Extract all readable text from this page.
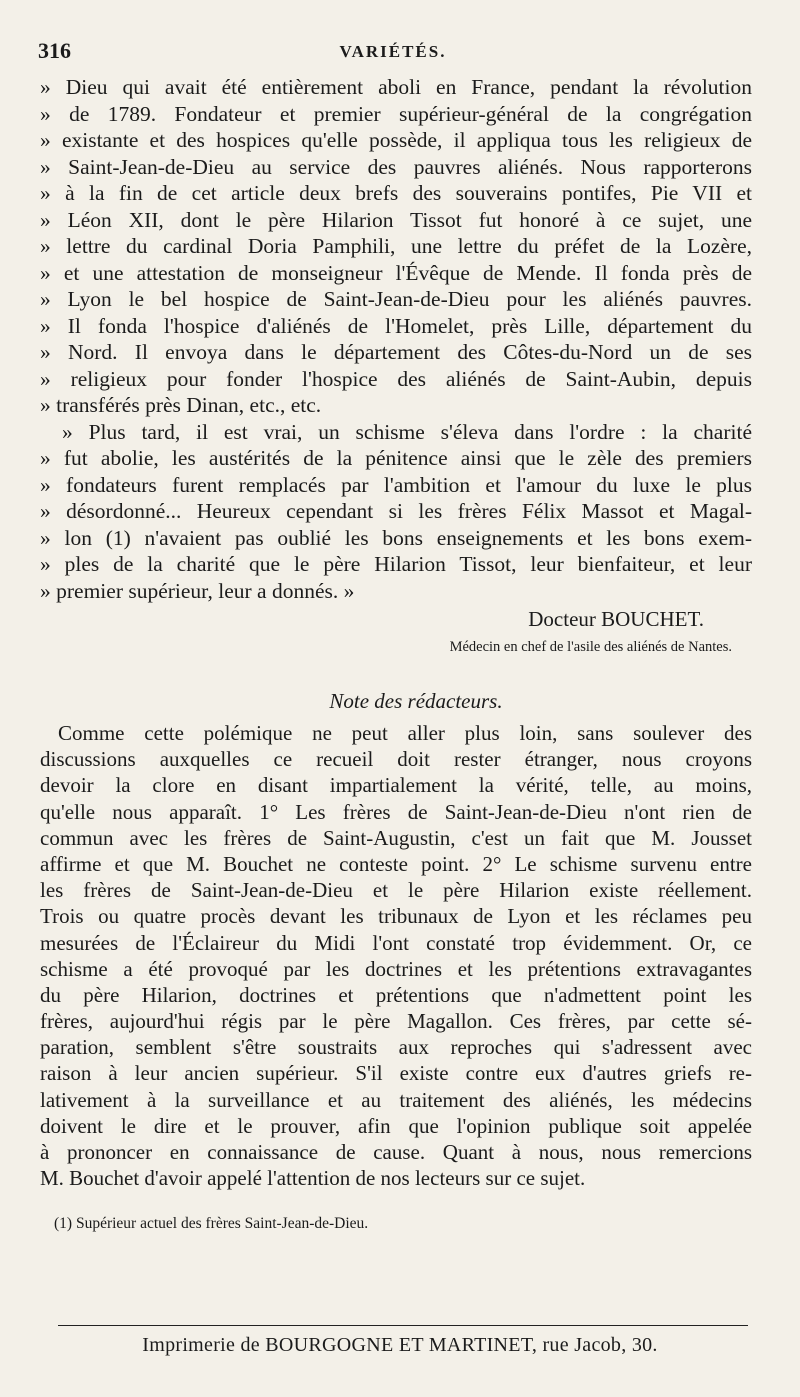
316	VARIÉTÉS.
» Dieu qui avait été entièrement aboli en France, pendant la révolution
» de 1789. Fondateur et premier supérieur-général de la congrégation
» existante et des hospices qu'elle possède, il appliqua tous les religieux de
» Saint-Jean-de-Dieu au service des pauvres aliénés. Nous rapporterons
» à la fin de cet article deux brefs des souverains pontifes, Pie VII et
» Léon XII, dont le père Hilarion Tissot fut honoré à ce sujet, une
» lettre du cardinal Doria Pamphili, une lettre du préfet de la Lozère,
» et une attestation de monseigneur l'Évêque de Mende. Il fonda près de
» Lyon le bel hospice de Saint-Jean-de-Dieu pour les aliénés pauvres.
» Il fonda l'hospice d'aliénés de l'Homelet, près Lille, département du
» Nord. Il envoya dans le département des Côtes-du-Nord un de ses
» religieux pour fonder l'hospice des aliénés de Saint-Aubin, depuis
» transférés près Dinan, etc., etc.
» Plus tard, il est vrai, un schisme s'éleva dans l'ordre : la charité
» fut abolie, les austérités de la pénitence ainsi que le zèle des premiers
» fondateurs furent remplacés par l'ambition et l'amour du luxe le plus
» désordonné... Heureux cependant si les frères Félix Massot et Magal-
» lon (1) n'avaient pas oublié les bons enseignements et les bons exem-
» ples de la charité que le père Hilarion Tissot, leur bienfaiteur, et leur
» premier supérieur, leur a donnés. »
Docteur BOUCHET.
Médecin en chef de l'asile des aliénés de Nantes.
Note des rédacteurs.
Comme cette polémique ne peut aller plus loin, sans soulever des
discussions auxquelles ce recueil doit rester étranger, nous croyons
devoir la clore en disant impartialement la vérité, telle, au moins,
qu'elle nous apparaît. 1° Les frères de Saint-Jean-de-Dieu n'ont rien de
commun avec les frères de Saint-Augustin, c'est un fait que M. Jousset
affirme et que M. Bouchet ne conteste point. 2° Le schisme survenu entre
les frères de Saint-Jean-de-Dieu et le père Hilarion existe réellement.
Trois ou quatre procès devant les tribunaux de Lyon et les réclames peu
mesurées de l'Éclaireur du Midi l'ont constaté trop évidemment. Or, ce
schisme a été provoqué par les doctrines et les prétentions extravagantes
du père Hilarion, doctrines et prétentions que n'admettent point les
frères, aujourd'hui régis par le père Magallon. Ces frères, par cette sé-
paration, semblent s'être soustraits aux reproches qui s'adressent avec
raison à leur ancien supérieur. S'il existe contre eux d'autres griefs re-
lativement à la surveillance et au traitement des aliénés, les médecins
doivent le dire et le prouver, afin que l'opinion publique soit appelée
à prononcer en connaissance de cause. Quant à nous, nous remercions
M. Bouchet d'avoir appelé l'attention de nos lecteurs sur ce sujet.
(1) Supérieur actuel des frères Saint-Jean-de-Dieu.
Imprimerie de BOURGOGNE ET MARTINET, rue Jacob, 30.
